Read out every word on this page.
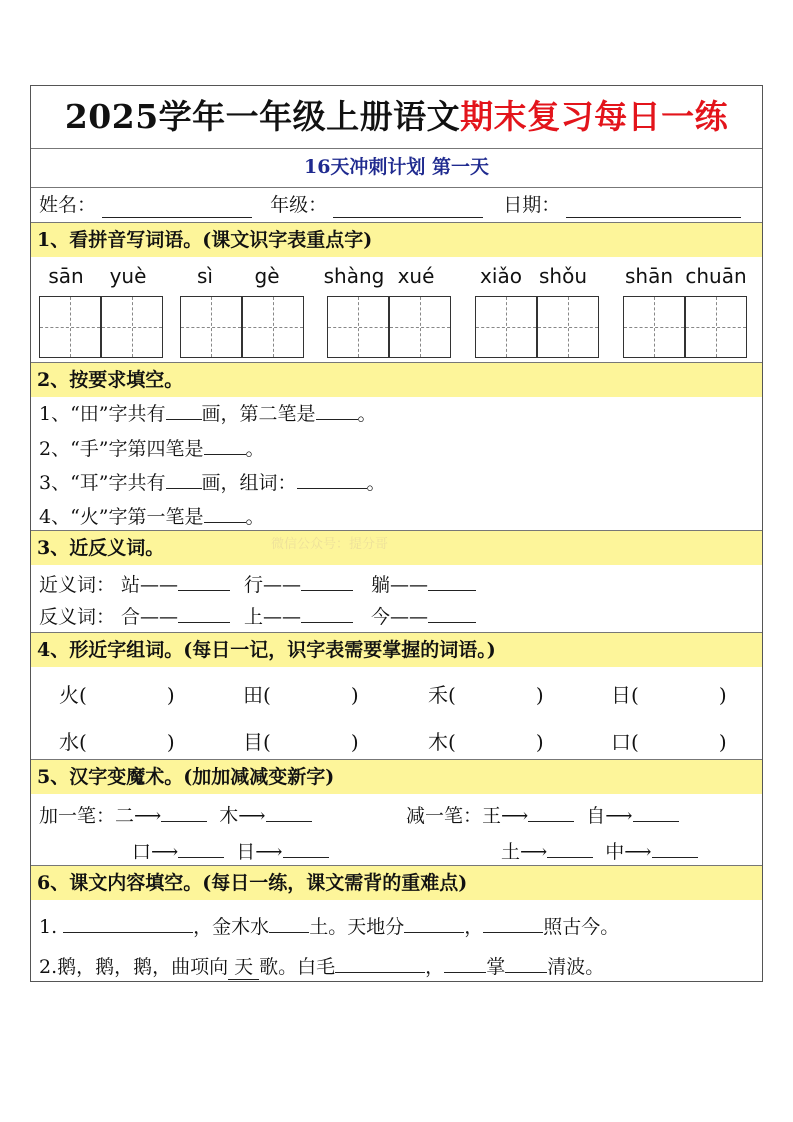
2025学年一年级上册语文期末复习每日一练
16天冲刺计划 第一天
姓名：	年级：	日期：
1、看拼音写词语。(课文识字表重点字)
sān	yuè	sì	gè	shàng xué	xiǎo shǒu	shān chuān
2、按要求填空。
1、“田”字共有 画，第二笔是 。
2、“手”字第四笔是 。
3、“耳”字共有 画，组词：	。
4、“火”字第一笔是 。
3、近反义词。	微信公众号：提分哥
近义词： 站——	行——	躺——
反义词： 合——	上——	今——
4、形近字组词。(每日一记，识字表需要掌握的词语。)
火(	)	田(	)	禾(	)	日(	)
水(	)	目(	)	木(	)	口(	)
5、汉字变魔术。(加加减减变新字)
加一笔：二⟶	木⟶	减一笔：王⟶	自⟶
口⟶	日⟶	土⟶	中⟶
6、课文内容填空。(每日一练，课文需背的重难点)
1.	，金木水 土。天地分	，	照古今。
2.鹅，鹅，鹅，曲项向 天 歌。白毛	， 掌 清波。
